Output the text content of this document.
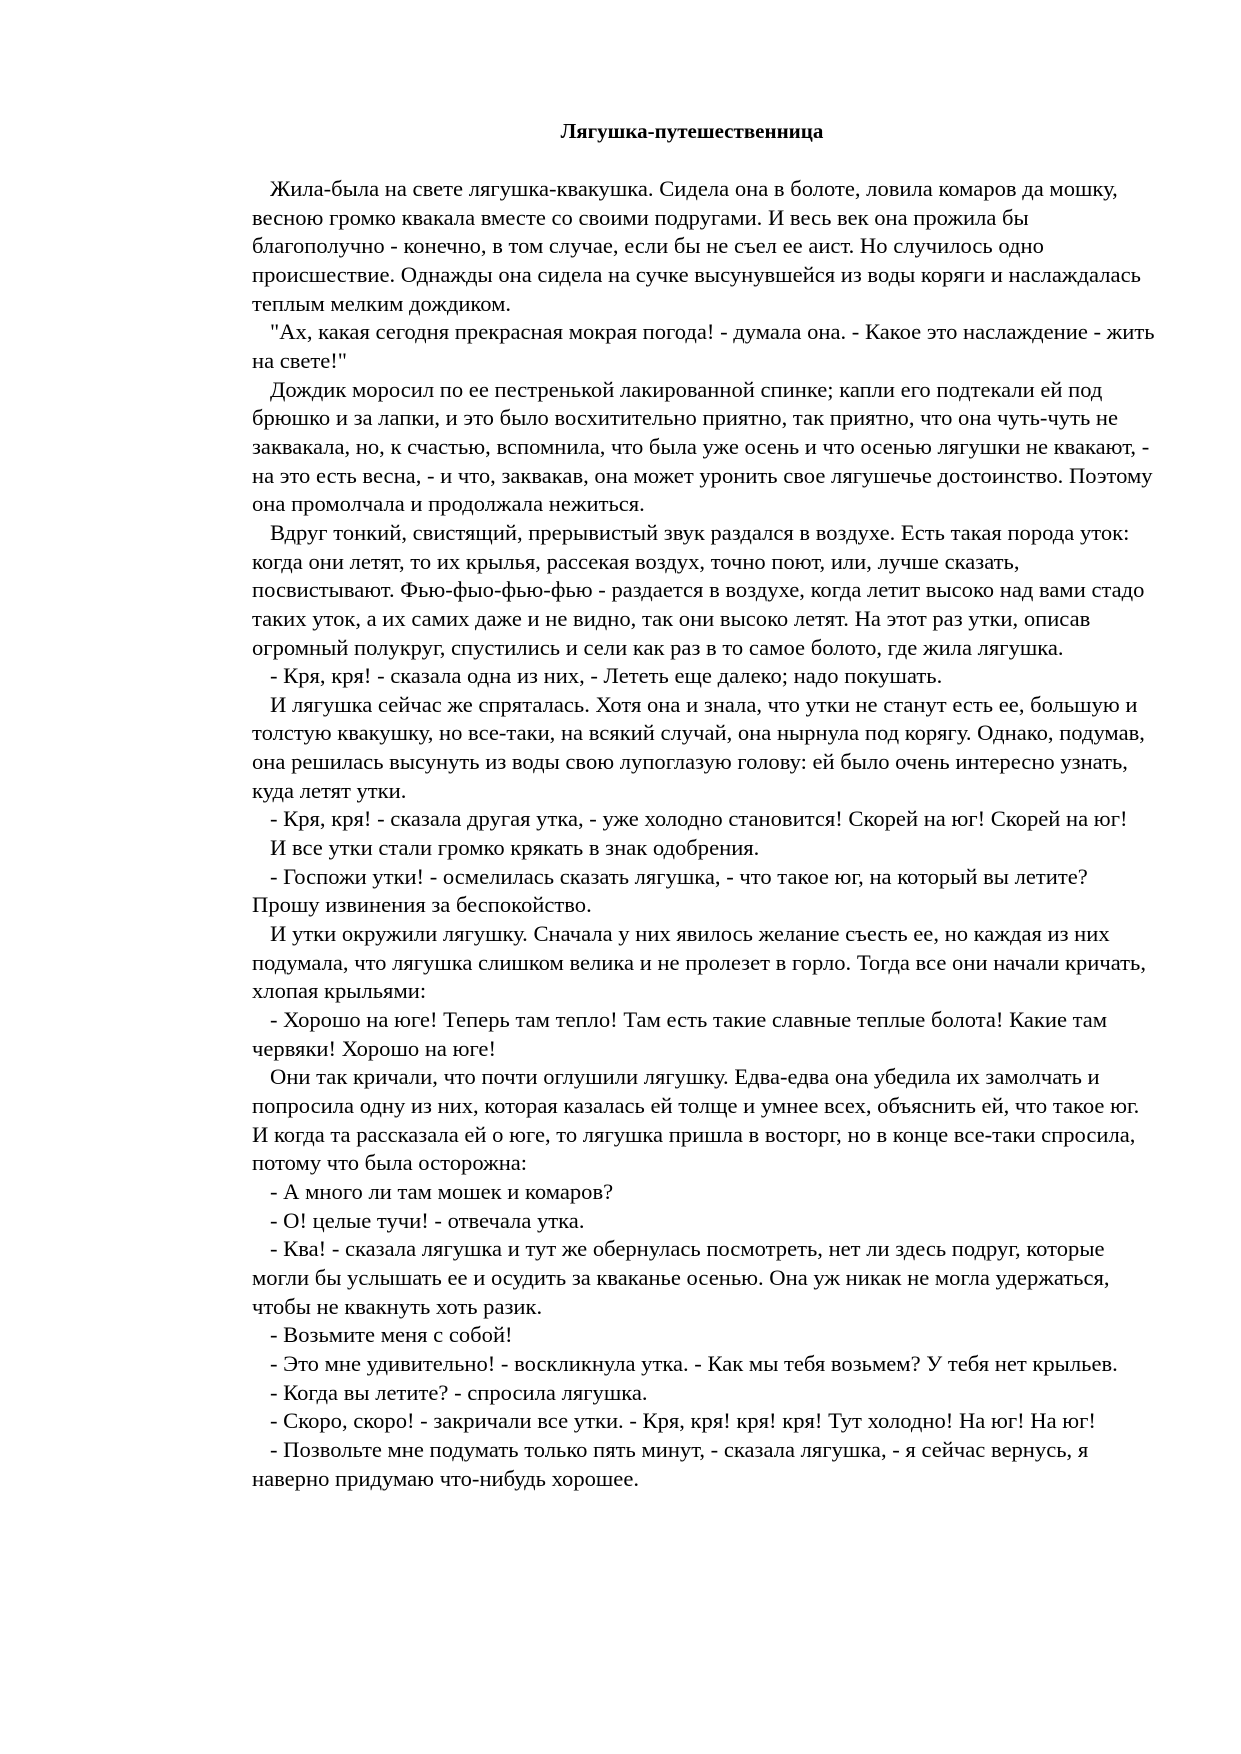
Лягушка-путешественница

Жила-была на свете лягушка-квакушка. Сидела она в болоте, ловила комаров да мошку, весною громко квакала вместе со своими подругами. И весь век она прожила бы благополучно - конечно, в том случае, если бы не съел ее аист. Но случилось одно происшествие. Однажды она сидела на сучке высунувшейся из воды коряги и наслаждалась теплым мелким дождиком.

"Ах, какая сегодня прекрасная мокрая погода! - думала она. - Какое это наслаждение - жить на свете!"

Дождик моросил по ее пестренькой лакированной спинке; капли его подтекали ей под брюшко и за лапки, и это было восхитительно приятно, так приятно, что она чуть-чуть не заквакала, но, к счастью, вспомнила, что была уже осень и что осенью лягушки не квакают, - на это есть весна, - и что, заквакав, она может уронить свое лягушечье достоинство. Поэтому она промолчала и продолжала нежиться.

Вдруг тонкий, свистящий, прерывистый звук раздался в воздухе. Есть такая порода уток: когда они летят, то их крылья, рассекая воздух, точно поют, или, лучше сказать, посвистывают. Фью-фыо-фью-фью - раздается в воздухе, когда летит высоко над вами стадо таких уток, а их самих даже и не видно, так они высоко летят. На этот раз утки, описав огромный полукруг, спустились и сели как раз в то самое болото, где жила лягушка.

- Кря, кря! - сказала одна из них, - Лететь еще далеко; надо покушать.

И лягушка сейчас же спряталась. Хотя она и знала, что утки не станут есть ее, большую и толстую квакушку, но все-таки, на всякий случай, она нырнула под корягу. Однако, подумав, она решилась высунуть из воды свою лупоглазую голову: ей было очень интересно узнать, куда летят утки.

- Кря, кря! - сказала другая утка, - уже холодно становится! Скорей на юг! Скорей на юг!

И все утки стали громко крякать в знак одобрения.

- Госпожи утки! - осмелилась сказать лягушка, - что такое юг, на который вы летите? Прошу извинения за беспокойство.

И утки окружили лягушку. Сначала у них явилось желание съесть ее, но каждая из них подумала, что лягушка слишком велика и не пролезет в горло. Тогда все они начали кричать, хлопая крыльями:

- Хорошо на юге! Теперь там тепло! Там есть такие славные теплые болота! Какие там червяки! Хорошо на юге!

Они так кричали, что почти оглушили лягушку. Едва-едва она убедила их замолчать и попросила одну из них, которая казалась ей толще и умнее всех, объяснить ей, что такое юг. И когда та рассказала ей о юге, то лягушка пришла в восторг, но в конце все-таки спросила, потому что была осторожна:

- А много ли там мошек и комаров?

- О! целые тучи! - отвечала утка.

- Ква! - сказала лягушка и тут же обернулась посмотреть, нет ли здесь подруг, которые могли бы услышать ее и осудить за кваканье осенью. Она уж никак не могла удержаться, чтобы не квакнуть хоть разик.

- Возьмите меня с собой!

- Это мне удивительно! - воскликнула утка. - Как мы тебя возьмем? У тебя нет крыльев.

- Когда вы летите? - спросила лягушка.

- Скоро, скоро! - закричали все утки. - Кря, кря! кря! кря! Тут холодно! На юг! На юг!

- Позвольте мне подумать только пять минут, - сказала лягушка, - я сейчас вернусь, я наверно придумаю что-нибудь хорошее.
